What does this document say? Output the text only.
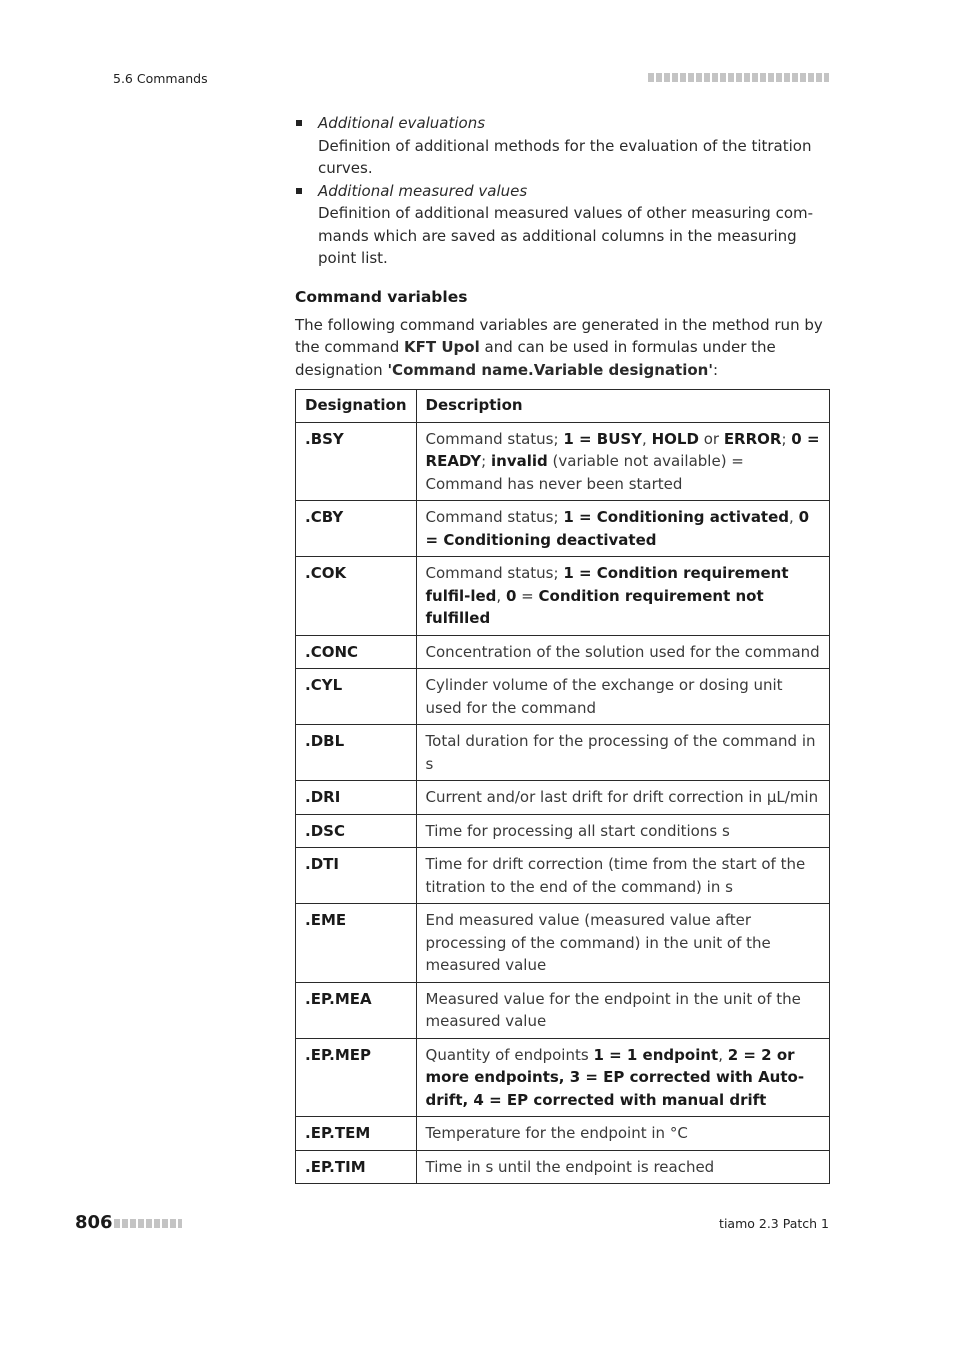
5.6 Commands
Additional evaluations
Definition of additional methods for the evaluation of the titration curves.
Additional measured values
Definition of additional measured values of other measuring com-mands which are saved as additional columns in the measuring point list.
Command variables

The following command variables are generated in the method run by the command KFT Upol and can be used in formulas under the designation 'Command name.Variable designation':

Designation	Description
.BSY	Command status; 1 = BUSY, HOLD or ERROR; 0 = READY; invalid (variable not available) = Command has never been started
.CBY	Command status; 1 = Conditioning activated, 0 = Conditioning deactivated
.COK	Command status; 1 = Condition requirement fulfil-led, 0 = Condition requirement not fulfilled
.CONC	Concentration of the solution used for the command
.CYL	Cylinder volume of the exchange or dosing unit used for the command
.DBL	Total duration for the processing of the command in s
.DRI	Current and/or last drift for drift correction in µL/min
.DSC	Time for processing all start conditions s
.DTI	Time for drift correction (time from the start of the titration to the end of the command) in s
.EME	End measured value (measured value after processing of the command) in the unit of the measured value
.EP.MEA	Measured value for the endpoint in the unit of the measured value
.EP.MEP	Quantity of endpoints 1 = 1 endpoint, 2 = 2 or more endpoints, 3 = EP corrected with Auto-drift, 4 = EP corrected with manual drift
.EP.TEM	Temperature for the endpoint in °C
.EP.TIM	Time in s until the endpoint is reached
806	tiamo 2.3 Patch 1
